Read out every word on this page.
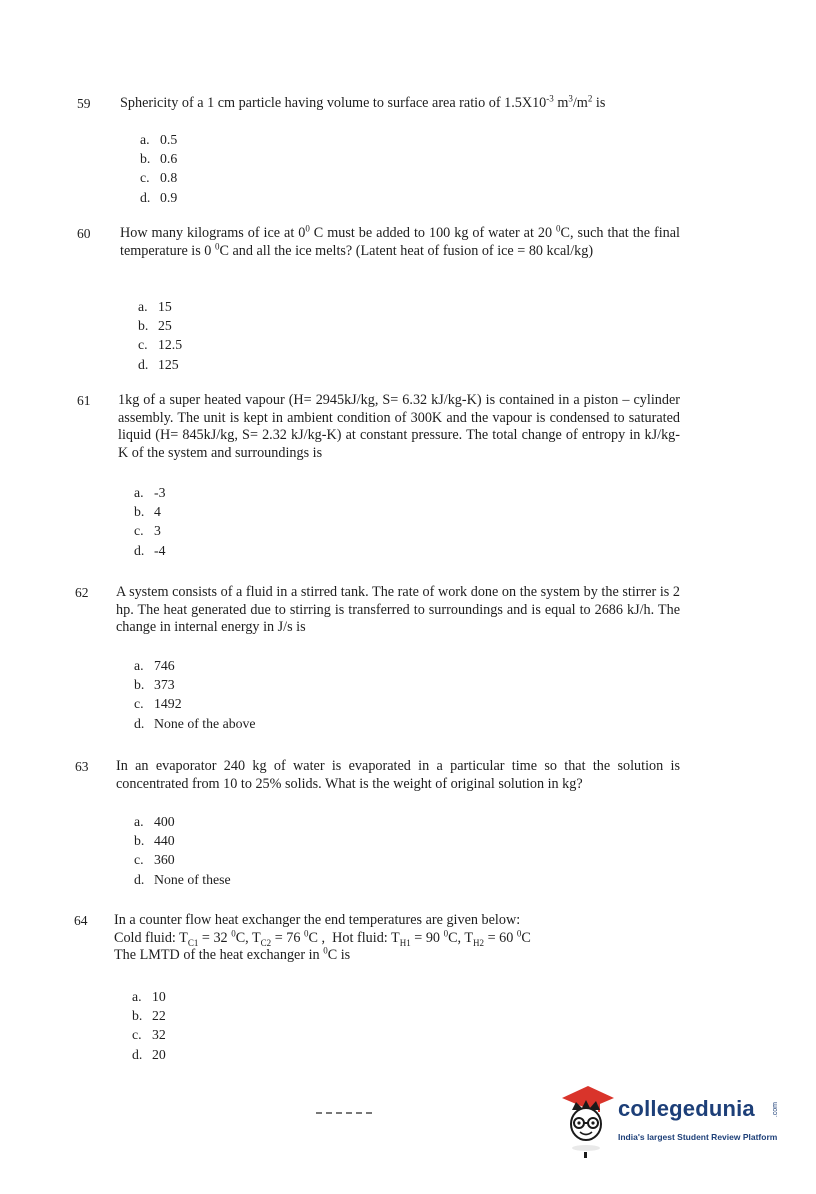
59 Sphericity of a 1 cm particle having volume to surface area ratio of $1.5X10^{-3}$ $m^3/m^2$ is
a. 0.5
b. 0.6
c. 0.8
d. 0.9
60 How many kilograms of ice at $0^0$ C must be added to 100 kg of water at 20 $^0$C, such that the final temperature is 0 $^0$C and all the ice melts? (Latent heat of fusion of ice = 80 kcal/kg)
a. 15
b. 25
c. 12.5
d. 125
61 1kg of a super heated vapour (H= 2945kJ/kg, S= 6.32 kJ/kg-K) is contained in a piston – cylinder assembly. The unit is kept in ambient condition of 300K and the vapour is condensed to saturated liquid (H= 845kJ/kg, S= 2.32 kJ/kg-K) at constant pressure. The total change of entropy in kJ/kg-K of the system and surroundings is
a. -3
b. 4
c. 3
d. -4
62 A system consists of a fluid in a stirred tank. The rate of work done on the system by the stirrer is 2 hp. The heat generated due to stirring is transferred to surroundings and is equal to 2686 kJ/h. The change in internal energy in J/s is
a. 746
b. 373
c. 1492
d. None of the above
63 In an evaporator 240 kg of water is evaporated in a particular time so that the solution is concentrated from 10 to 25% solids. What is the weight of original solution in kg?
a. 400
b. 440
c. 360
d. None of these
64 In a counter flow heat exchanger the end temperatures are given below:
Cold fluid: $T_{C1} = 32$ $^0$C, $T_{C2} = 76$ $^0$C ,  Hot fluid: $T_{H1} = 90$ $^0$C, $T_{H2} = 60$ $^0$C
The LMTD of the heat exchanger in $^0$C is
a. 10
b. 22
c. 32
d. 20
collegedunia .com
India's largest Student Review Platform
